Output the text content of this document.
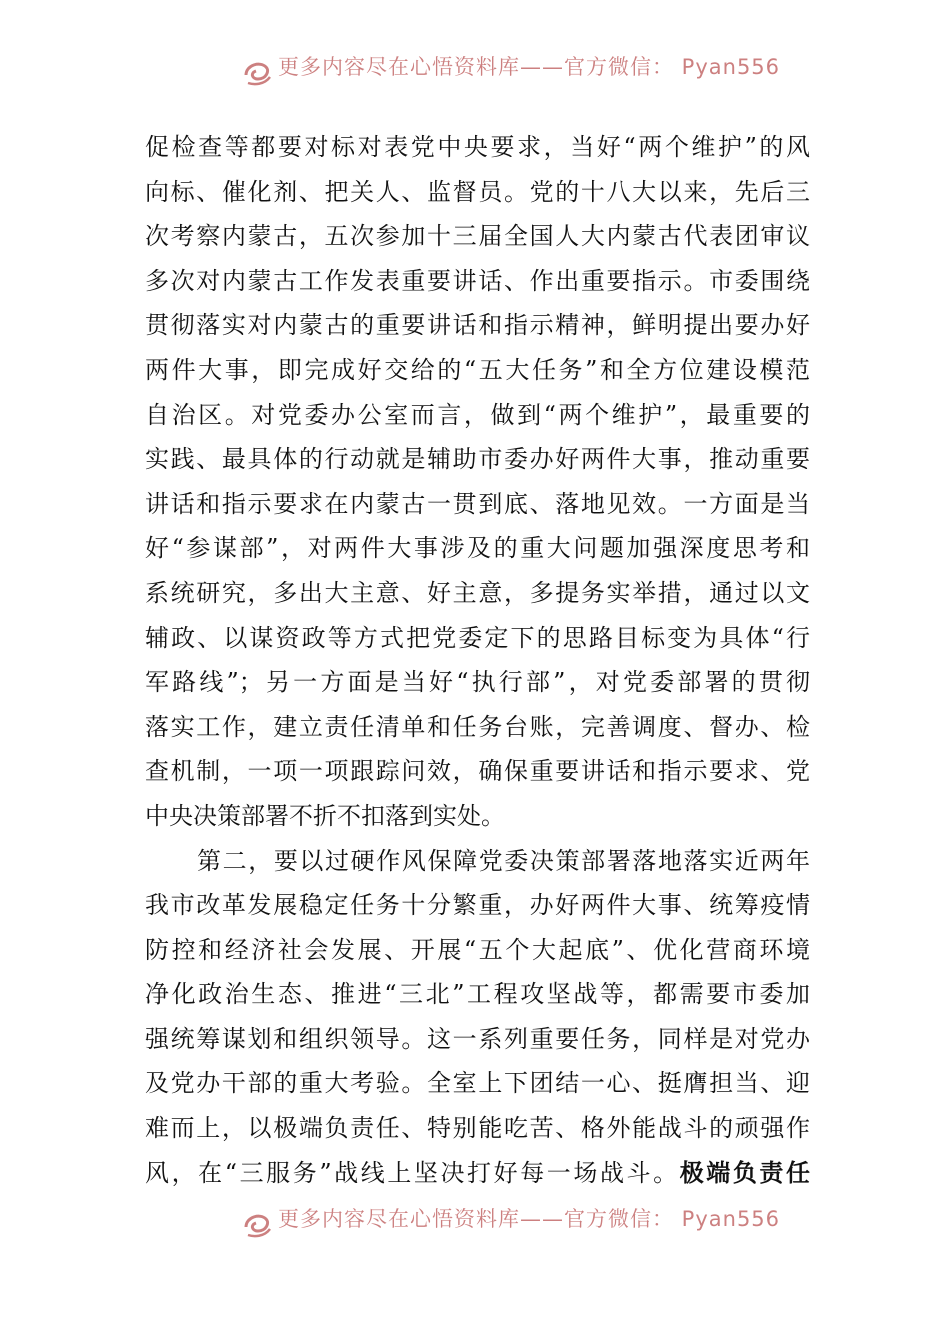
更多内容尽在心悟资料库——官方微信： Pyan556
促检查等都要对标对表党中央要求，当好“两个维护”的风
向标、催化剂、把关人、监督员。党的十八大以来，先后三
次考察内蒙古，五次参加十三届全国人大内蒙古代表团审议
多次对内蒙古工作发表重要讲话、作出重要指示。市委围绕
贯彻落实对内蒙古的重要讲话和指示精神，鲜明提出要办好
两件大事，即完成好交给的“五大任务”和全方位建设模范
自治区。对党委办公室而言，做到“两个维护”，最重要的
实践、最具体的行动就是辅助市委办好两件大事，推动重要
讲话和指示要求在内蒙古一贯到底、落地见效。一方面是当
好“参谋部”，对两件大事涉及的重大问题加强深度思考和
系统研究，多出大主意、好主意，多提务实举措，通过以文
辅政、以谋资政等方式把党委定下的思路目标变为具体“行
军路线”；另一方面是当好“执行部”，对党委部署的贯彻
落实工作，建立责任清单和任务台账，完善调度、督办、检
查机制，一项一项跟踪问效，确保重要讲话和指示要求、党
中央决策部署不折不扣落到实处。
第二，要以过硬作风保障党委决策部署落地落实近两年
我市改革发展稳定任务十分繁重，办好两件大事、统筹疫情
防控和经济社会发展、开展“五个大起底”、优化营商环境
净化政治生态、推进“三北”工程攻坚战等，都需要市委加
强统筹谋划和组织领导。这一系列重要任务，同样是对党办
及党办干部的重大考验。全室上下团结一心、挺膺担当、迎
难而上，以极端负责任、特别能吃苦、格外能战斗的顽强作
风，在“三服务”战线上坚决打好每一场战斗。极端负责任
更多内容尽在心悟资料库——官方微信： Pyan556
